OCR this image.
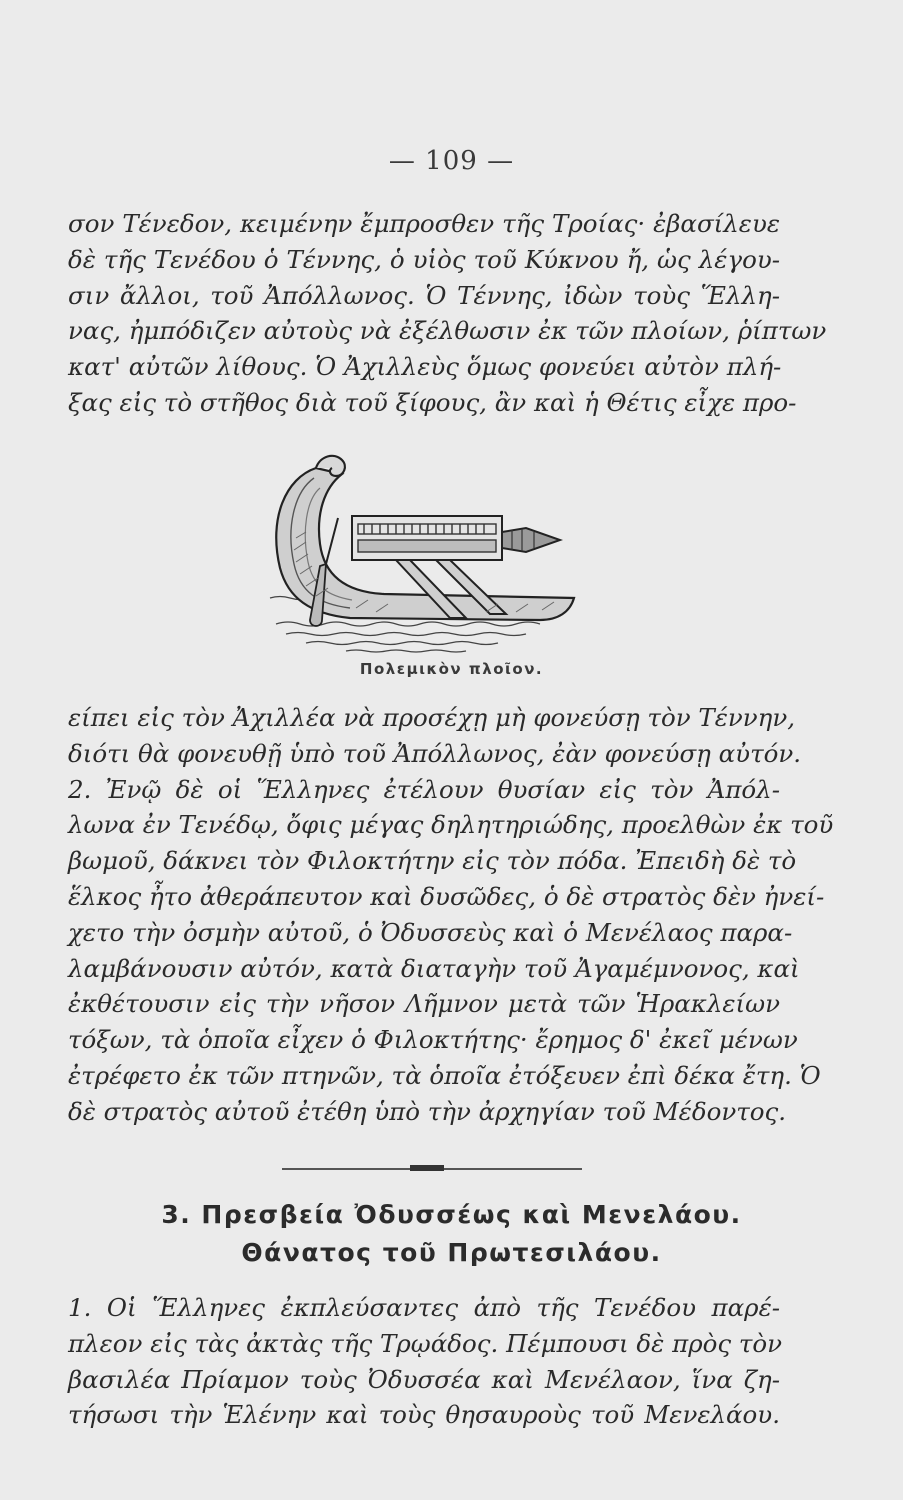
— 109 —
σον Τένεδον, κειμένην ἔμπροσθεν τῆς Τροίας· ἐβασίλευε
δὲ τῆς Τενέδου ὁ Τέννης, ὁ υἱὸς τοῦ Κύκνου ἤ, ὡς λέγου-
σιν ἄλλοι, τοῦ Ἀπόλλωνος. Ὁ Τέννης, ἰδὼν τοὺς Ἕλλη-
νας, ἠμπόδιζεν αὐτοὺς νὰ ἐξέλθωσιν ἐκ τῶν πλοίων, ῥίπτων
κατ' αὐτῶν λίθους. Ὁ Ἀχιλλεὺς ὅμως φονεύει αὐτὸν πλή-
ξας εἰς τὸ στῆθος διὰ τοῦ ξίφους, ἂν καὶ ἡ Θέτις εἶχε προ-
Πολεμικὸν πλοῖον.
είπει εἰς τὸν Ἀχιλλέα νὰ προσέχῃ μὴ φονεύσῃ τὸν Τέννην,
διότι θὰ φονευθῇ ὑπὸ τοῦ Ἀπόλλωνος, ἐὰν φονεύσῃ αὐτόν.
2. Ἐνῷ δὲ οἱ Ἕλληνες ἐτέλουν θυσίαν εἰς τὸν Ἀπόλ-
λωνα ἐν Τενέδῳ, ὄφις μέγας δηλητηριώδης, προελθὼν ἐκ τοῦ
βωμοῦ, δάκνει τὸν Φιλοκτήτην εἰς τὸν πόδα. Ἐπειδὴ δὲ τὸ
ἕλκος ἦτο ἀθεράπευτον καὶ δυσῶδες, ὁ δὲ στρατὸς δὲν ἠνεί-
χετο τὴν ὀσμὴν αὐτοῦ, ὁ Ὀδυσσεὺς καὶ ὁ Μενέλαος παρα-
λαμβάνουσιν αὐτόν, κατὰ διαταγὴν τοῦ Ἀγαμέμνονος, καὶ
ἐκθέτουσιν εἰς τὴν νῆσον Λῆμνον μετὰ τῶν Ἡρακλείων
τόξων, τὰ ὁποῖα εἶχεν ὁ Φιλοκτήτης· ἔρημος δ' ἐκεῖ μένων
ἐτρέφετο ἐκ τῶν πτηνῶν, τὰ ὁποῖα ἐτόξευεν ἐπὶ δέκα ἔτη. Ὁ
δὲ στρατὸς αὐτοῦ ἐτέθη ὑπὸ τὴν ἀρχηγίαν τοῦ Μέδοντος.
3. Πρεσβεία Ὀδυσσέως καὶ Μενελάου.
Θάνατος τοῦ Πρωτεσιλάου.
1. Οἱ Ἕλληνες ἐκπλεύσαντες ἀπὸ τῆς Τενέδου παρέ-
πλεον εἰς τὰς ἀκτὰς τῆς Τρῳάδος. Πέμπουσι δὲ πρὸς τὸν
βασιλέα Πρίαμον τοὺς Ὀδυσσέα καὶ Μενέλαον, ἵνα ζη-
τήσωσι τὴν Ἑλένην καὶ τοὺς θησαυροὺς τοῦ Μενελάου.
